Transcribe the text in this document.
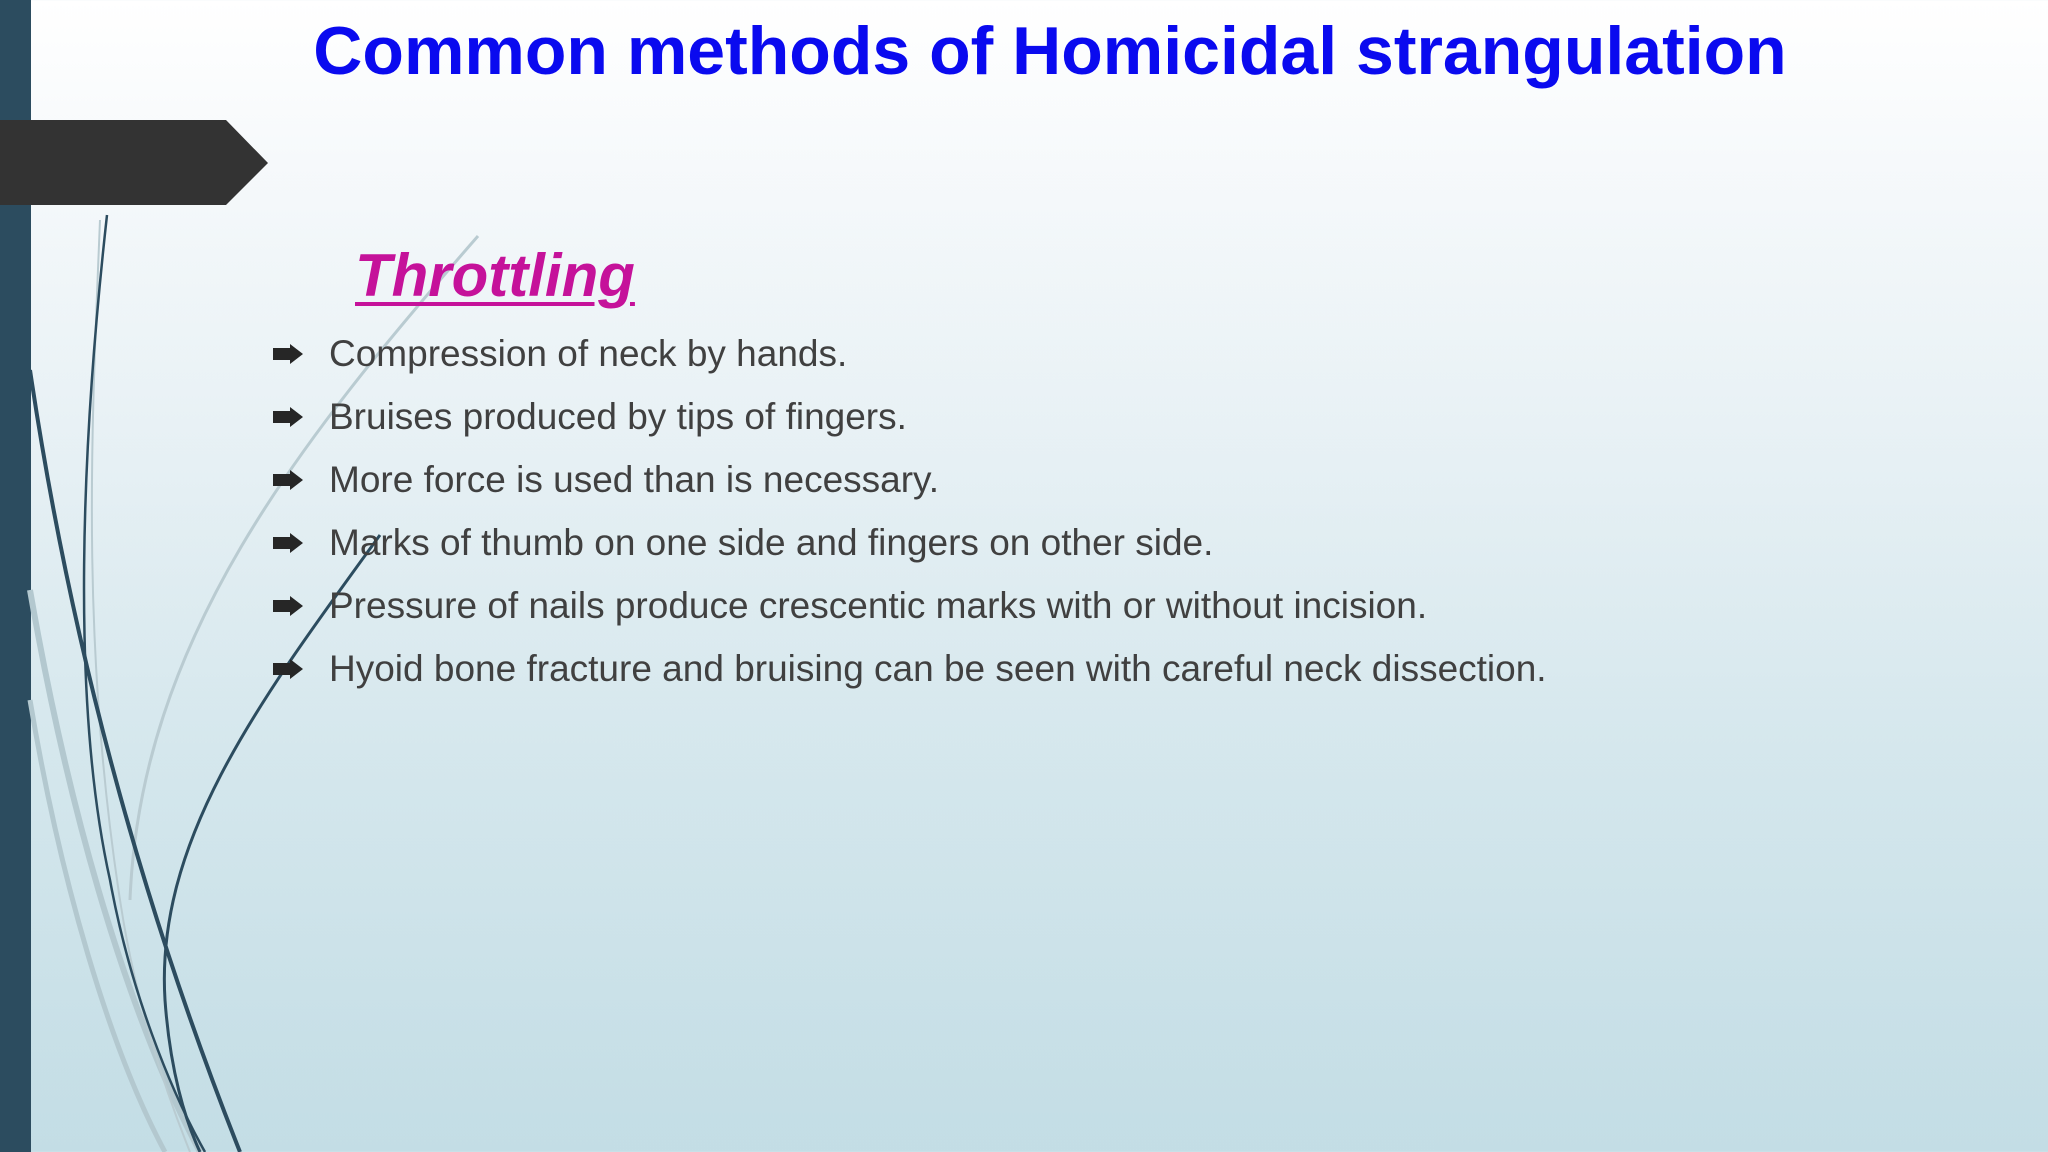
Common methods of Homicidal strangulation
Throttling
Compression of neck by hands.
Bruises produced by tips of fingers.
More force is used than is necessary.
Marks of thumb on one side and fingers on other side.
Pressure of nails produce crescentic marks with or without incision.
Hyoid bone fracture and bruising can be seen with careful neck dissection.
